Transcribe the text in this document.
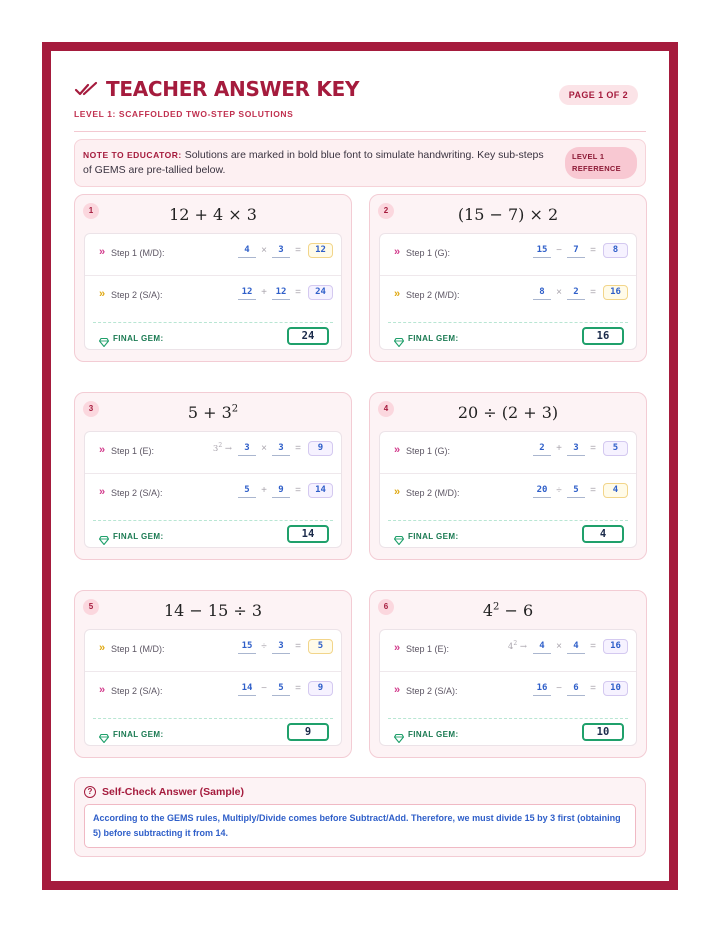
TEACHER ANSWER KEY
LEVEL 1: SCAFFOLDED TWO-STEP SOLUTIONS
PAGE 1 OF 2
NOTE TO EDUCATOR: Solutions are marked in bold blue font to simulate handwriting. Key sub-steps of GEMS are pre-tallied below.
LEVEL 1
REFERENCE
1	12 + 4 × 3
» Step 1 (M/D):	4	×	3	=	12
» Step 2 (S/A):	12 + 12 =	24
FINAL GEM:	24
2	(15 − 7) × 2
» Step 1 (G):	15 −	7	=	8
» Step 2 (M/D):	8	×	2	=	16
FINAL GEM:	16
3	$5 + 3^2$
» Step 1 (E):	$3^2$ →	3	×	3	=	9
» Step 2 (S/A):	5	+	9	=	14
FINAL GEM:	14
4	20 ÷ (2 + 3)
» Step 1 (G):	2	+	3	=	5
» Step 2 (M/D):	20 ÷	5	=	4
FINAL GEM:	4
5	14 − 15 ÷ 3
» Step 1 (M/D):	15 ÷	3	=	5
» Step 2 (S/A):	14 −	5	=	9
FINAL GEM:	9
6	$4^2 - 6$
» Step 1 (E):	$4^2$ →	4	×	4	=	16
» Step 2 (S/A):	16 −	6	=	10
FINAL GEM:	10
? Self-Check Answer (Sample)
According to the GEMS rules, Multiply/Divide comes before Subtract/Add. Therefore, we must divide 15 by 3 first (obtaining 5) before subtracting it from 14.
